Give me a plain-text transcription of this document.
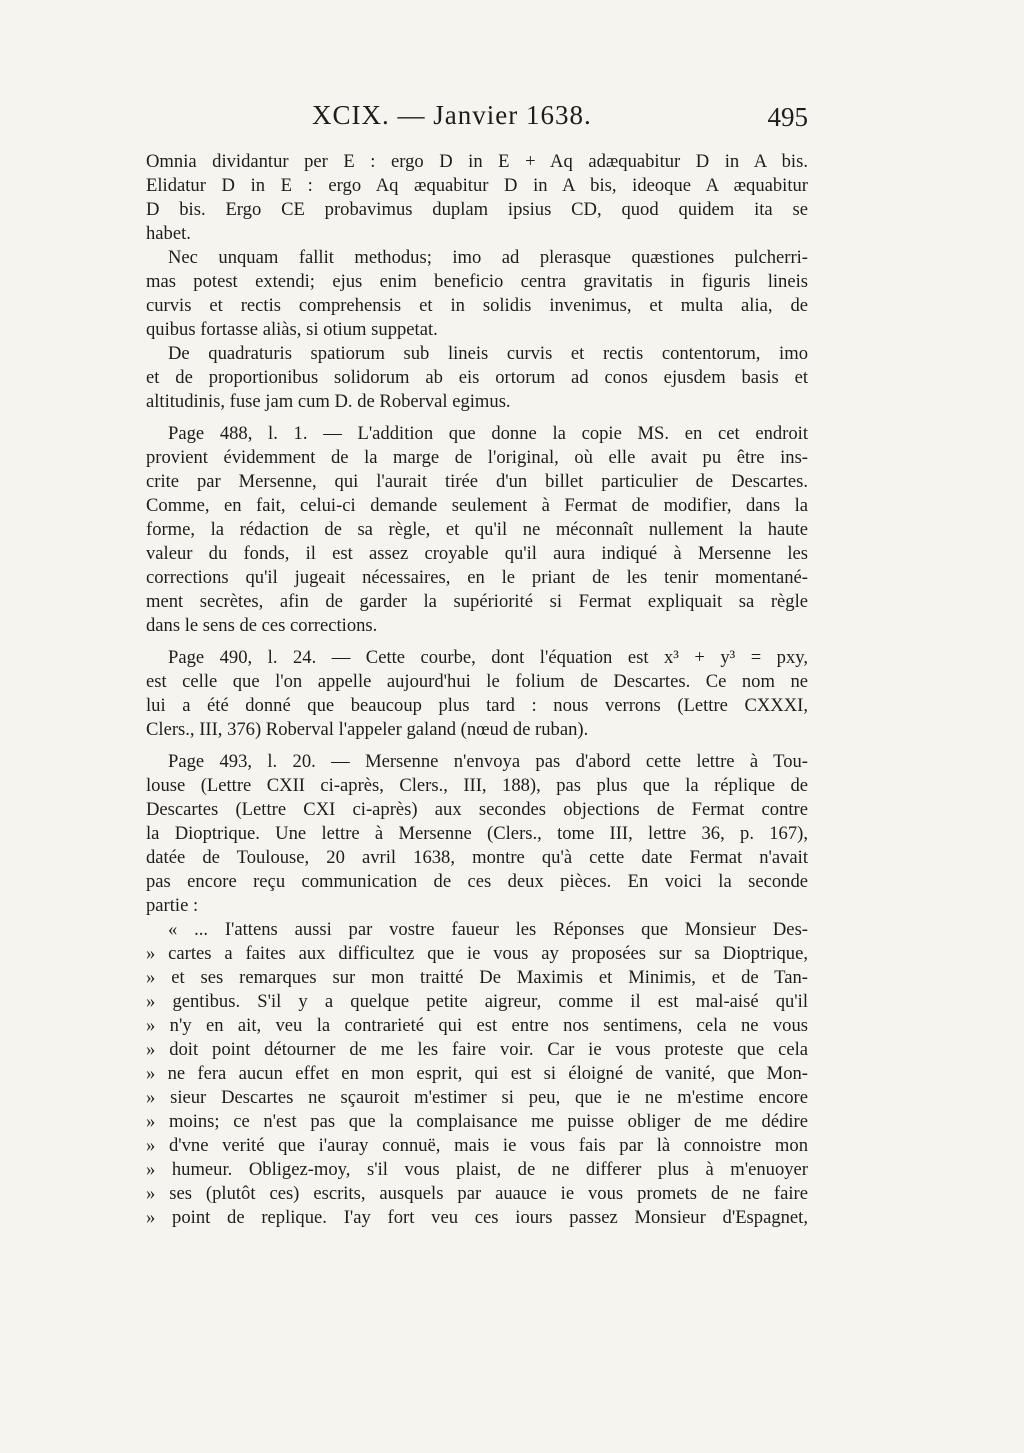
XCIX. — Janvier 1638.	495
Omnia dividantur per E : ergo D in E + Aq adæquabitur D in A bis.
Elidatur D in E : ergo Aq æquabitur D in A bis, ideoque A æquabitur
D bis. Ergo CE probavimus duplam ipsius CD, quod quidem ita se
habet.
Nec unquam fallit methodus; imo ad plerasque quæstiones pulcherri-
mas potest extendi; ejus enim beneficio centra gravitatis in figuris lineis
curvis et rectis comprehensis et in solidis invenimus, et multa alia, de
quibus fortasse aliàs, si otium suppetat.
De quadraturis spatiorum sub lineis curvis et rectis contentorum, imo
et de proportionibus solidorum ab eis ortorum ad conos ejusdem basis et
altitudinis, fuse jam cum D. de Roberval egimus.
Page 488, l. 1. — L'addition que donne la copie MS. en cet endroit
provient évidemment de la marge de l'original, où elle avait pu être ins-
crite par Mersenne, qui l'aurait tirée d'un billet particulier de Descartes.
Comme, en fait, celui-ci demande seulement à Fermat de modifier, dans la
forme, la rédaction de sa règle, et qu'il ne méconnaît nullement la haute
valeur du fonds, il est assez croyable qu'il aura indiqué à Mersenne les
corrections qu'il jugeait nécessaires, en le priant de les tenir momentané-
ment secrètes, afin de garder la supériorité si Fermat expliquait sa règle
dans le sens de ces corrections.
Page 490, l. 24. — Cette courbe, dont l'équation est x³ + y³ = pxy,
est celle que l'on appelle aujourd'hui le folium de Descartes. Ce nom ne
lui a été donné que beaucoup plus tard : nous verrons (Lettre CXXXI,
Clers., III, 376) Roberval l'appeler galand (nœud de ruban).
Page 493, l. 20. — Mersenne n'envoya pas d'abord cette lettre à Tou-
louse (Lettre CXII ci-après, Clers., III, 188), pas plus que la réplique de
Descartes (Lettre CXI ci-après) aux secondes objections de Fermat contre
la Dioptrique. Une lettre à Mersenne (Clers., tome III, lettre 36, p. 167),
datée de Toulouse, 20 avril 1638, montre qu'à cette date Fermat n'avait
pas encore reçu communication de ces deux pièces. En voici la seconde
partie :
« ... I'attens aussi par vostre faueur les Réponses que Monsieur Des-
» cartes a faites aux difficultez que ie vous ay proposées sur sa Dioptrique,
» et ses remarques sur mon traitté De Maximis et Minimis, et de Tan-
» gentibus. S'il y a quelque petite aigreur, comme il est mal-aisé qu'il
» n'y en ait, veu la contrarieté qui est entre nos sentimens, cela ne vous
» doit point détourner de me les faire voir. Car ie vous proteste que cela
» ne fera aucun effet en mon esprit, qui est si éloigné de vanité, que Mon-
» sieur Descartes ne sçauroit m'estimer si peu, que ie ne m'estime encore
» moins; ce n'est pas que la complaisance me puisse obliger de me dédire
» d'vne verité que i'auray connuë, mais ie vous fais par là connoistre mon
» humeur. Obligez-moy, s'il vous plaist, de ne differer plus à m'enuoyer
» ses (plutôt ces) escrits, ausquels par auauce ie vous promets de ne faire
» point de replique. I'ay fort veu ces iours passez Monsieur d'Espagnet,
